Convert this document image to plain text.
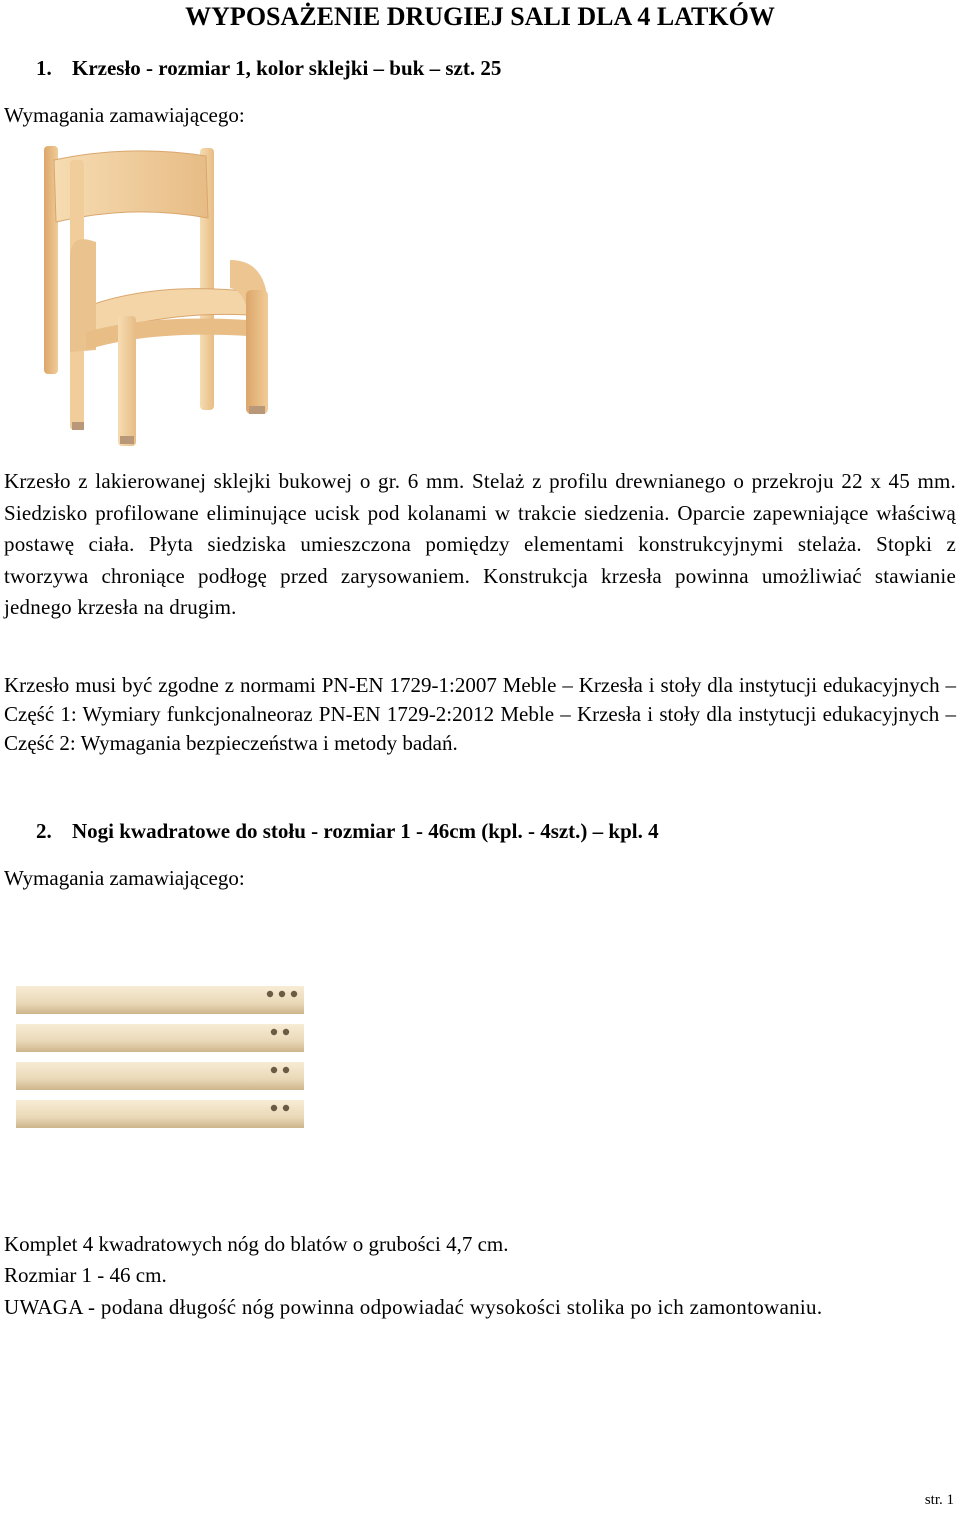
WYPOSAŻENIE DRUGIEJ SALI DLA 4 LATKÓW
1. Krzesło - rozmiar 1, kolor sklejki – buk – szt. 25
Wymagania zamawiającego:
Krzesło z lakierowanej sklejki bukowej o gr. 6 mm. Stelaż z profilu drewnianego o przekroju 22 x 45 mm. Siedzisko profilowane eliminujące ucisk pod kolanami w trakcie siedzenia. Oparcie zapewniające właściwą postawę ciała. Płyta siedziska umieszczona pomiędzy elementami konstrukcyjnymi stelaża. Stopki z tworzywa chroniące podłogę przed zarysowaniem. Konstrukcja krzesła powinna umożliwiać stawianie jednego krzesła na drugim.
Krzesło musi być zgodne z normami PN-EN 1729-1:2007 Meble – Krzesła i stoły dla instytucji edukacyjnych – Część 1: Wymiary funkcjonalneoraz PN-EN 1729-2:2012 Meble – Krzesła i stoły dla instytucji edukacyjnych – Część 2: Wymagania bezpieczeństwa i metody badań.
2. Nogi kwadratowe do stołu - rozmiar 1 - 46cm (kpl. - 4szt.) – kpl. 4
Wymagania zamawiającego:
Komplet 4 kwadratowych nóg do blatów o grubości 4,7 cm.
Rozmiar 1 - 46 cm.
UWAGA - podana długość nóg powinna odpowiadać wysokości stolika po ich zamontowaniu.
str. 1
